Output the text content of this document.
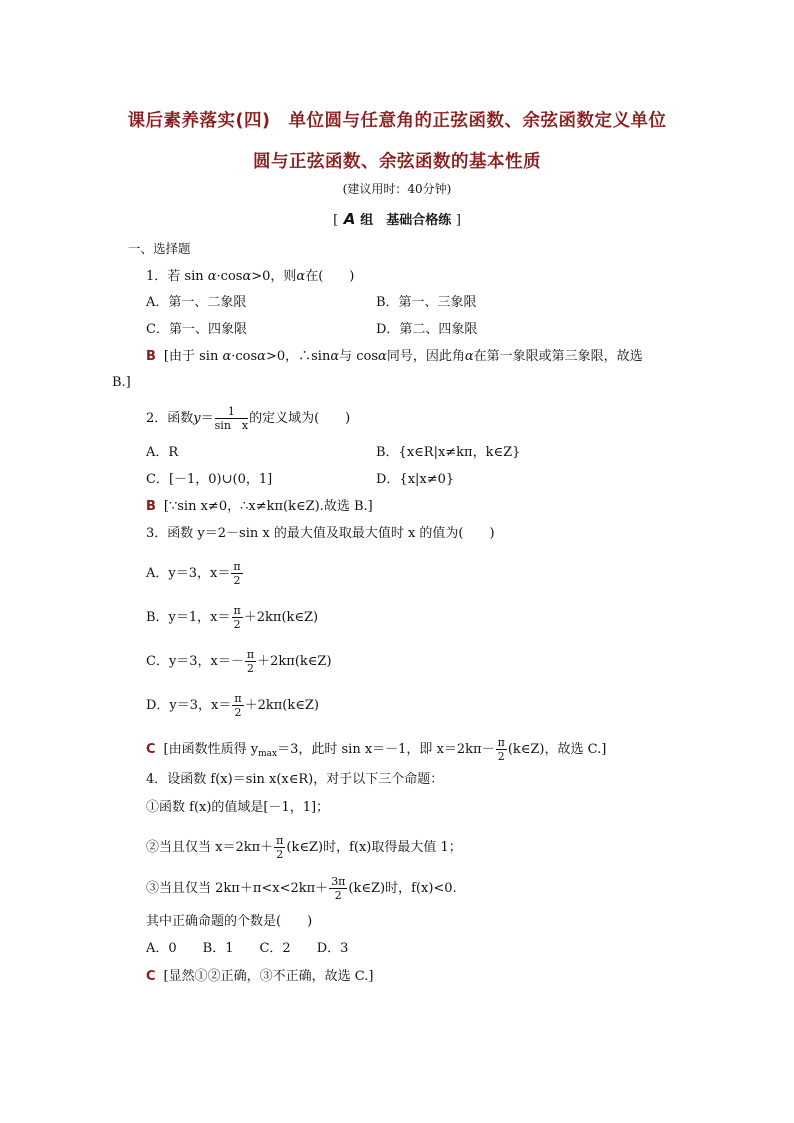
课后素养落实(四)　单位圆与任意角的正弦函数、余弦函数定义单位
圆与正弦函数、余弦函数的基本性质
(建议用时：40分钟)
[ A 组　基础合格练 ]
一、选择题
1．若 sin α·cosα>0，则α在(　　)
A．第一、二象限	B．第一、三象限
C．第一、四象限	D．第二、四象限
B [由于 sin α·cosα>0，∴sinα与 cosα同号，因此角α在第一象限或第三象限，故选
B.]
2．函数$y= \frac{1}{\text{sin　x}}$ 的定义域为(　　)
A．R	B．{x∈R|x≠kπ，k∈Z}
C．[－1，0)∪(0，1]	D．{x|x≠0}
B [∵sin x≠0，∴x≠kπ(k∈Z).故选 B.]
3．函数 y＝2－sin x 的最大值及取最大值时 x 的值为(　　)
A．y＝3，$x= \frac{\pi}{2}$
B．y＝1，$x= \frac{\pi}{2}$ ＋2kπ(k∈Z)
C．y＝3，$x=- \frac{\pi}{2}$ ＋2kπ(k∈Z)
D．y＝3，$x= \frac{\pi}{2}$ ＋2kπ(k∈Z)
C [由函数性质得 $y_{max}=3$，此时 sin x＝－1，即 $x=2k\pi- \frac{\pi}{2}$ (k∈Z)，故选 C.]
4．设函数 f(x)＝sin x(x∈R)，对于以下三个命题：
①函数 f(x)的值域是[－1，1]；
②当且仅当 $x=2k\pi+ \frac{\pi}{2}$ (k∈Z)时，f(x)取得最大值 1；
③当且仅当 $2k\pi+\pi<x<2k\pi+ \frac{3\pi}{2}$ (k∈Z)时，f(x)<0.
其中正确命题的个数是(　　)
A．0　　B．1　　C．2　　D．3
C [显然①②正确，③不正确，故选 C.]
